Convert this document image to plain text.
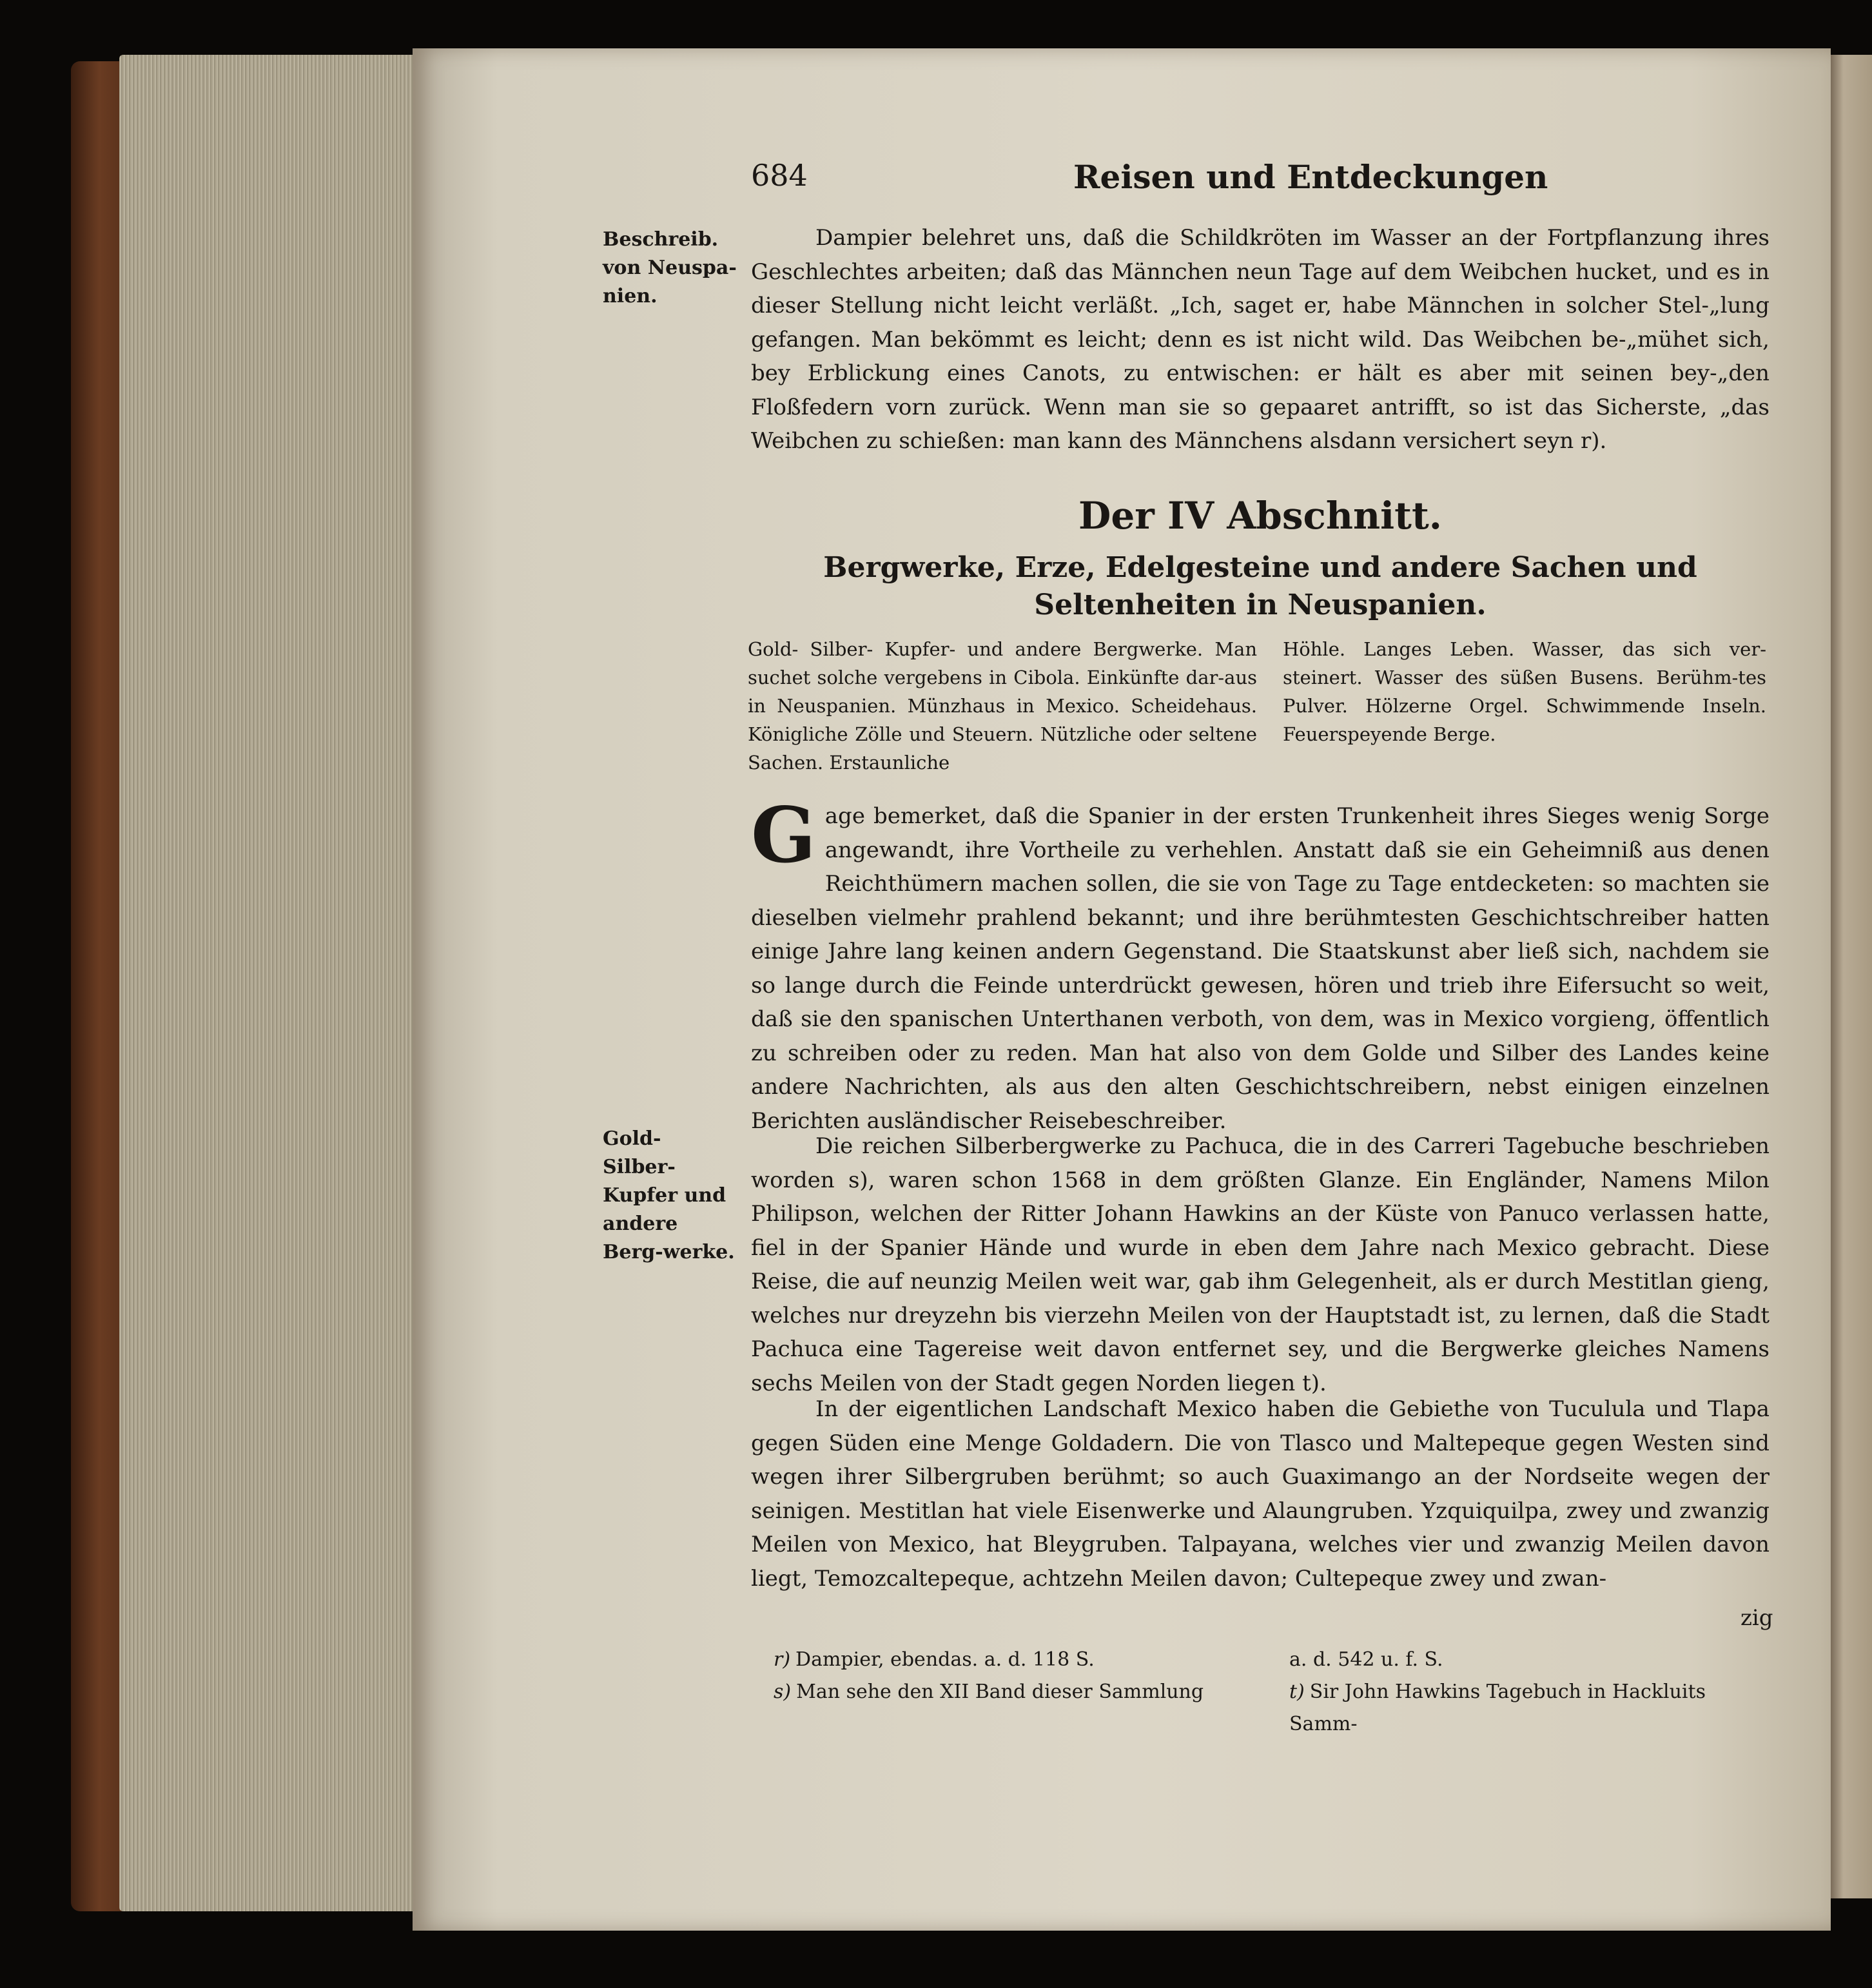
684	Reisen und Entdeckungen
Beschreib. von Neuspa-nien.

Dampier belehret uns, daß die Schildkröten im Wasser an der Fortpflanzung ihres Geschlechtes arbeiten; daß das Männchen neun Tage auf dem Weibchen hucket, und es in dieser Stellung nicht leicht verläßt. „Ich, saget er, habe Männchen in solcher Stel-„lung gefangen. Man bekömmt es leicht; denn es ist nicht wild. Das Weibchen be-„mühet sich, bey Erblickung eines Canots, zu entwischen: er hält es aber mit seinen bey-„den Floßfedern vorn zurück. Wenn man sie so gepaaret antrifft, so ist das Sicherste, „das Weibchen zu schießen: man kann des Männchens alsdann versichert seyn r).

Der IV Abschnitt.
Bergwerke, Erze, Edelgesteine und andere Sachen und Seltenheiten in Neuspanien.
Gold- Silber- Kupfer- und andere Bergwerke. Man suchet solche vergebens in Cibola. Einkünfte dar-aus in Neuspanien. Münzhaus in Mexico. Scheidehaus. Königliche Zölle und Steuern. Nützliche oder seltene Sachen. Erstaunliche
Höhle. Langes Leben. Wasser, das sich ver-steinert. Wasser des süßen Busens. Berühm-tes Pulver. Hölzerne Orgel. Schwimmende Inseln. Feuerspeyende Berge.

Gage bemerket, daß die Spanier in der ersten Trunkenheit ihres Sieges wenig Sorge angewandt, ihre Vortheile zu verhehlen. Anstatt daß sie ein Geheimniß aus denen Reichthümern machen sollen, die sie von Tage zu Tage entdecketen: so machten sie dieselben vielmehr prahlend bekannt; und ihre berühmtesten Geschichtschreiber hatten einige Jahre lang keinen andern Gegenstand. Die Staatskunst aber ließ sich, nachdem sie so lange durch die Feinde unterdrückt gewesen, hören und trieb ihre Eifersucht so weit, daß sie den spanischen Unterthanen verboth, von dem, was in Mexico vorgieng, öffentlich zu schreiben oder zu reden. Man hat also von dem Golde und Silber des Landes keine andere Nachrichten, als aus den alten Geschichtschreibern, nebst einigen einzelnen Berichten ausländischer Reisebeschreiber.

Gold- Silber- Kupfer und andere Berg-werke.

Die reichen Silberbergwerke zu Pachuca, die in des Carreri Tagebuche beschrieben worden s), waren schon 1568 in dem größten Glanze. Ein Engländer, Namens Milon Philipson, welchen der Ritter Johann Hawkins an der Küste von Panuco verlassen hatte, fiel in der Spanier Hände und wurde in eben dem Jahre nach Mexico gebracht. Diese Reise, die auf neunzig Meilen weit war, gab ihm Gelegenheit, als er durch Mestitlan gieng, welches nur dreyzehn bis vierzehn Meilen von der Hauptstadt ist, zu lernen, daß die Stadt Pachuca eine Tagereise weit davon entfernet sey, und die Bergwerke gleiches Namens sechs Meilen von der Stadt gegen Norden liegen t).

In der eigentlichen Landschaft Mexico haben die Gebiethe von Tuculula und Tlapa gegen Süden eine Menge Goldadern. Die von Tlasco und Maltepeque gegen Westen sind wegen ihrer Silbergruben berühmt; so auch Guaximango an der Nordseite wegen der seinigen. Mestitlan hat viele Eisenwerke und Alaungruben. Yzquiquilpa, zwey und zwanzig Meilen von Mexico, hat Bleygruben. Talpayana, welches vier und zwanzig Meilen davon liegt, Temozcaltepeque, achtzehn Meilen davon; Cultepeque zwey und zwan-

zig

r) Dampier, ebendas. a. d. 118 S.

s) Man sehe den XII Band dieser Sammlung

a. d. 542 u. f. S.

t) Sir John Hawkins Tagebuch in Hackluits Samm-
